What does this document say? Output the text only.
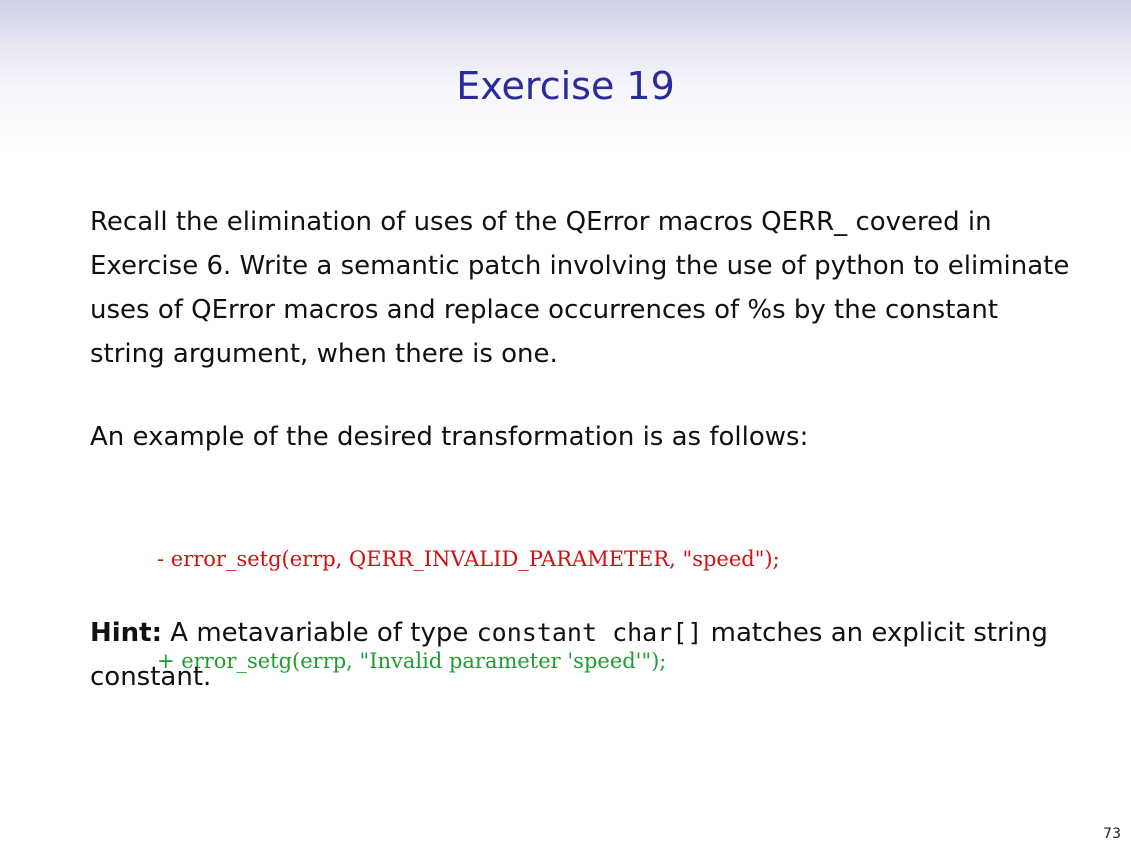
Exercise 19

Recall the elimination of uses of the QError macros QERR_ covered in Exercise 6. Write a semantic patch involving the use of python to eliminate uses of QError macros and replace occurrences of %s by the constant string argument, when there is one.

An example of the desired transformation is as follows:

- error_setg(errp, QERR_INVALID_PARAMETER, "speed");

+ error_setg(errp, "Invalid parameter 'speed'");

Hint: A metavariable of type constant char[] matches an explicit string constant.

73
